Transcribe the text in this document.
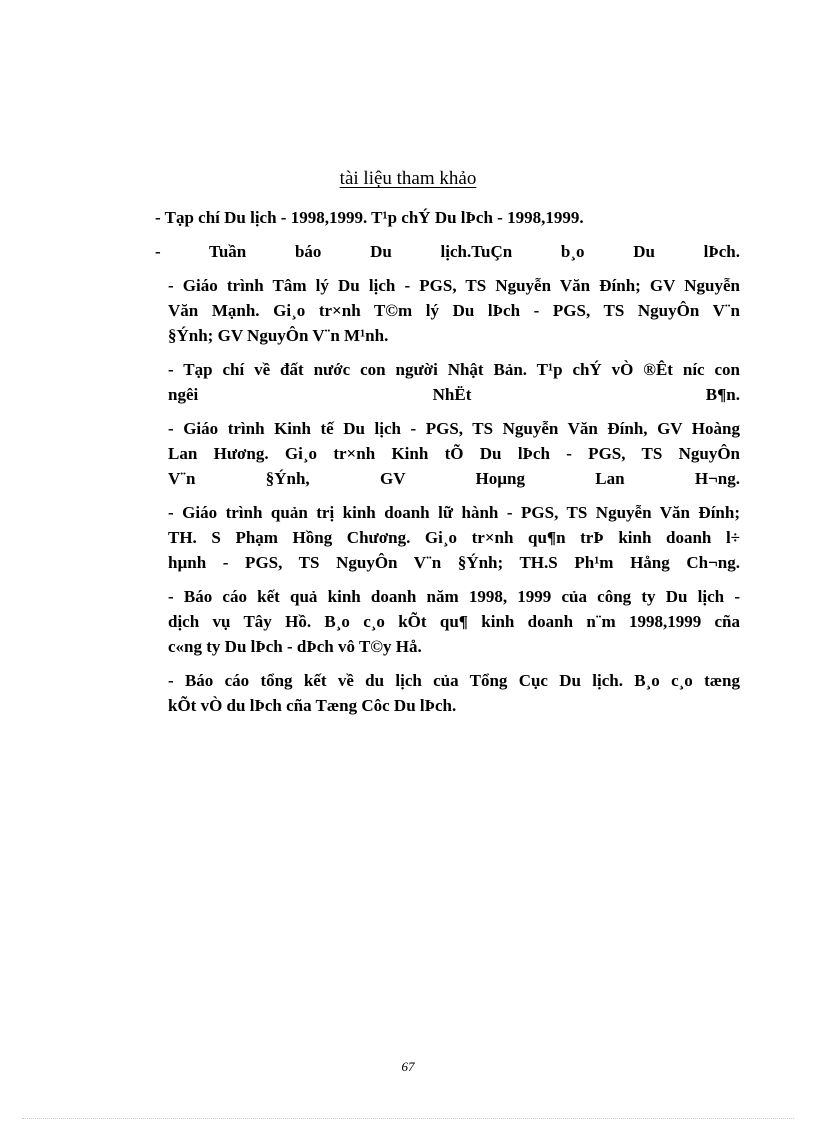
tài liệu tham khảo
- Tạp chí Du lịch - 1998,1999. T¹p chÝ Du lÞch - 1998,1999.
- Tuần báo Du lịch.TuÇn b¸o Du lÞch.
- Giáo trình Tâm lý Du lịch - PGS, TS Nguyễn Văn Đính; GV Nguyễn
Văn Mạnh. Gi¸o tr×nh T©m lý Du lÞch - PGS, TS NguyÔn V¨n
§Ýnh; GV NguyÔn V¨n M¹nh.
- Tạp chí về đất nước con người Nhật Bản. T¹p chÝ vÒ ®Êt níc con
ngêi NhËt B¶n.
- Giáo trình Kinh tế Du lịch - PGS, TS Nguyễn Văn Đính, GV Hoàng
Lan Hương. Gi¸o tr×nh Kinh tÕ Du lÞch - PGS, TS NguyÔn
V¨n §Ýnh, GV Hoµng Lan H¬ng.
- Giáo trình quản trị kinh doanh lữ hành - PGS, TS Nguyễn Văn Đính;
TH. S Phạm Hồng Chương. Gi¸o tr×nh qu¶n trÞ kinh doanh l÷
hµnh - PGS, TS NguyÔn V¨n §Ýnh; TH.S Ph¹m Hång Ch¬ng.
- Báo cáo kết quả kinh doanh năm 1998, 1999 của công ty Du lịch -
dịch vụ Tây Hồ. B¸o c¸o kÕt qu¶ kinh doanh n¨m 1998,1999 cña
c«ng ty Du lÞch - dÞch vô T©y Hå.
- Báo cáo tổng kết về du lịch của Tổng Cục Du lịch. B¸o c¸o tæng
kÕt vÒ du lÞch cña Tæng Côc Du lÞch.
67
